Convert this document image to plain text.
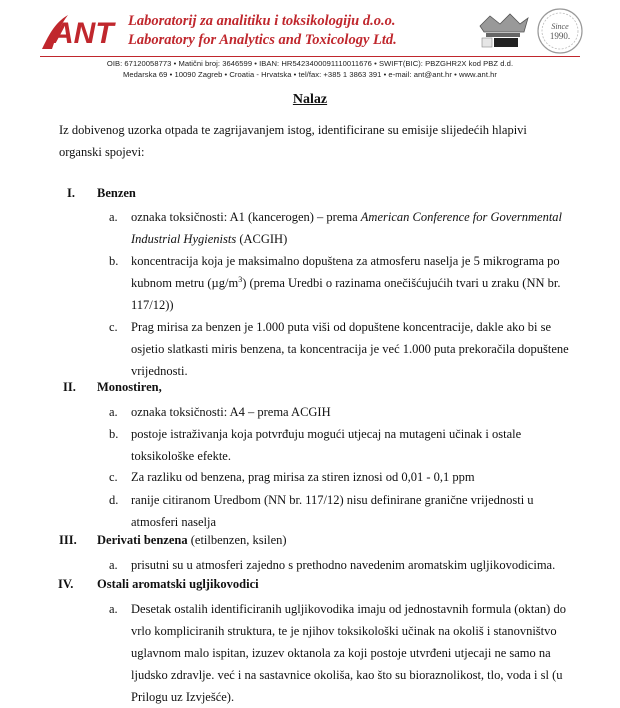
ANT Laboratorij za analitiku i toksikologiju d.o.o.
Laboratory for Analytics and Toxicology Ltd.
Since
1990.
OIB: 67120058773 • Matični broj: 3646599 • IBAN: HR5423400091110011676 • SWIFT(BIC): PBZGHR2X kod PBZ d.d.
Medarska 69 • 10090 Zagreb • Croatia - Hrvatska • tel/fax: +385 1 3863 391 • e-mail: ant@ant.hr • www.ant.hr
Nalaz
Iz dobivenog uzorka otpada te zagrijavanjem istog, identificirane su emisije slijedećih hlapivi organski spojevi:
I. Benzen
a. oznaka toksičnosti: A1 (kancerogen) – prema American Conference for Governmental Industrial Hygienists (ACGIH)
b. koncentracija koja je maksimalno dopuštena za atmosferu naselja je 5 mikrograma po kubnom metru $(\mu g/m^3)$ (prema Uredbi o razinama onečišćujućih tvari u zraku (NN br. 117/12))
c. Prag mirisa za benzen je 1.000 puta viši od dopuštene koncentracije, dakle ako bi se osjetio slatkasti miris benzena, ta koncentracija je već 1.000 puta prekoračila dopuštene vrijednosti.
II. Monostiren,
a. oznaka toksičnosti: A4 – prema ACGIH
b. postoje istraživanja koja potvrđuju mogući utjecaj na mutageni učinak i ostale toksikološke efekte.
c. Za razliku od benzena, prag mirisa za stiren iznosi od 0,01 - 0,1 ppm
d. ranije citiranom Uredbom (NN br. 117/12) nisu definirane granične vrijednosti u atmosferi naselja
III. Derivati benzena (etilbenzen, ksilen)
a. prisutni su u atmosferi zajedno s prethodno navedenim aromatskim ugljikovodicima.
IV. Ostali aromatski ugljikovodici
a. Desetak ostalih identificiranih ugljikovodika imaju od jednostavnih formula (oktan) do vrlo kompliciranih struktura, te je njihov toksikološki učinak na okoliš i stanovništvo uglavnom malo ispitan, izuzev oktanola za koji postoje utvrđeni utjecaji ne samo na ljudsko zdravlje. već i na sastavnice okoliša, kao što su bioraznolikost, tlo, voda i sl (u Prilogu uz Izvješće).
